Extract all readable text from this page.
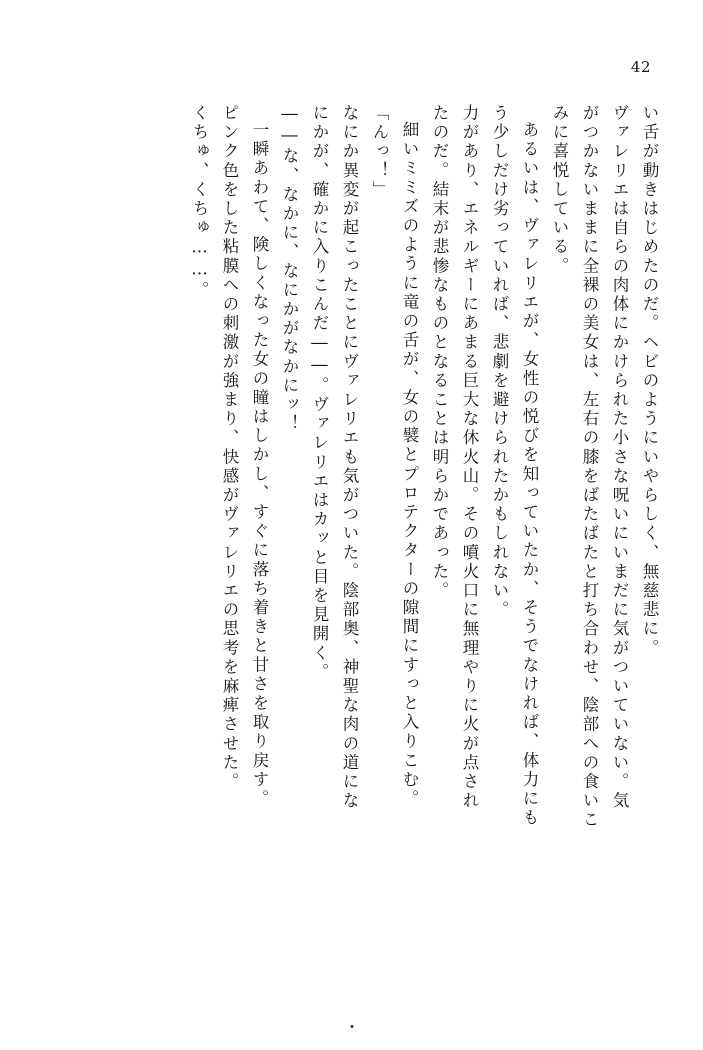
42
い舌が動きはじめたのだ。ヘビのようにいやらしく、無慈悲に。
ヴァレリエは自らの肉体にかけられた小さな呪いにいまだに気がついていない。気
がつかないままに全裸の美女は、左右の膝をばたばたと打ち合わせ、陰部への食いこ
みに喜悦している。
あるいは、ヴァレリエが、女性の悦びを知っていたか、そうでなければ、体力にも
う少しだけ劣っていれば、悲劇を避けられたかもしれない。
力があり、エネルギーにあまる巨大な休火山。その噴火口に無理やりに火が点され
たのだ。結末が悲惨なものとなることは明らかであった。
細いミミズのように竜の舌が、女の襞とプロテクターの隙間にすっと入りこむ。
「んっ！」
なにか異変が起こったことにヴァレリエも気がついた。陰部奥、神聖な肉の道にな
にかが、確かに入りこんだ――。ヴァレリエはカッと目を見開く。
――な、なかに、なにかがなかにッ！
一瞬あわて、険しくなった女の瞳はしかし、すぐに落ち着きと甘さを取り戻す。
ピンク色をした粘膜への刺激が強まり、快感がヴァレリエの思考を麻痺させた。
くちゅ、くちゅ……。
